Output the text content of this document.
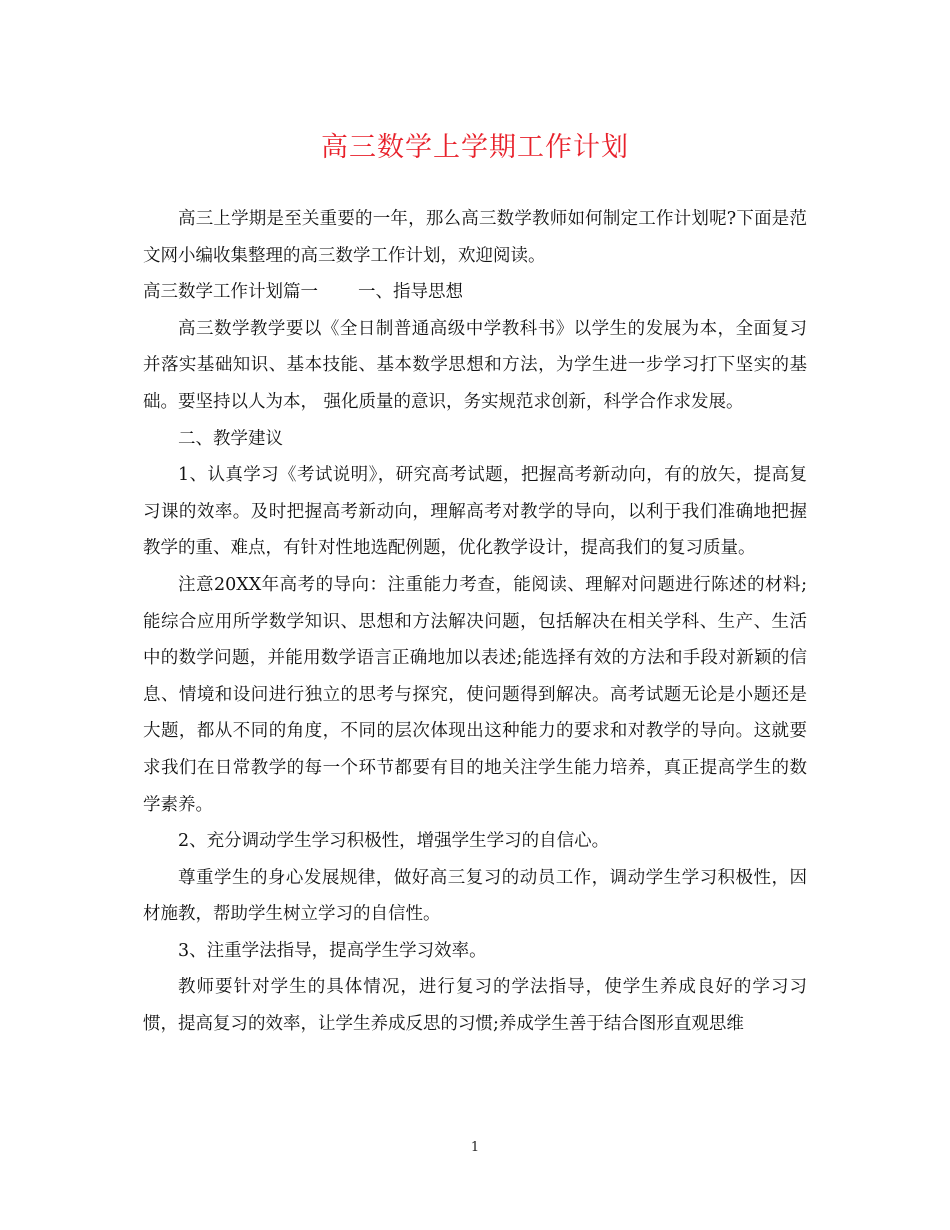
高三数学上学期工作计划

高三上学期是至关重要的一年，那么高三数学教师如何制定工作计划呢?下面是范文网小编收集整理的高三数学工作计划，欢迎阅读。

高三数学工作计划篇一 一、指导思想

高三数学教学要以《全日制普通高级中学教科书》以学生的发展为本，全面复习并落实基础知识、基本技能、基本数学思想和方法，为学生进一步学习打下坚实的基础。要坚持以人为本， 强化质量的意识，务实规范求创新，科学合作求发展。

二、教学建议

1、认真学习《考试说明》，研究高考试题，把握高考新动向，有的放矢，提高复习课的效率。及时把握高考新动向，理解高考对教学的导向，以利于我们准确地把握教学的重、难点，有针对性地选配例题，优化教学设计，提高我们的复习质量。

注意20XX年高考的导向：注重能力考查，能阅读、理解对问题进行陈述的材料;能综合应用所学数学知识、思想和方法解决问题，包括解决在相关学科、生产、生活中的数学问题，并能用数学语言正确地加以表述;能选择有效的方法和手段对新颖的信息、情境和设问进行独立的思考与探究，使问题得到解决。高考试题无论是小题还是大题，都从不同的角度，不同的层次体现出这种能力的要求和对教学的导向。这就要求我们在日常教学的每一个环节都要有目的地关注学生能力培养，真正提高学生的数学素养。

2、充分调动学生学习积极性，增强学生学习的自信心。

尊重学生的身心发展规律，做好高三复习的动员工作，调动学生学习积极性，因材施教，帮助学生树立学习的自信性。

3、注重学法指导，提高学生学习效率。

教师要针对学生的具体情况，进行复习的学法指导，使学生养成良好的学习习惯，提高复习的效率，让学生养成反思的习惯;养成学生善于结合图形直观思维

1
